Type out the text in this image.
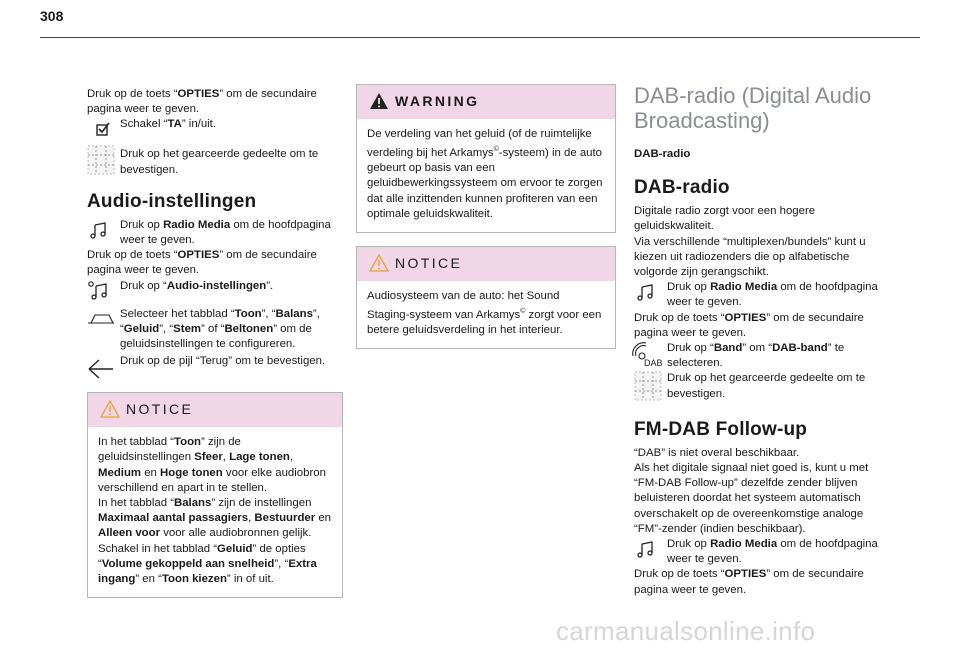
308

Druk op de toets “OPTIES” om de secundaire pagina weer te geven.

Schakel “TA” in/uit.

Druk op het gearceerde gedeelte om te bevestigen.

Audio-instellingen

Druk op Radio Media om de hoofdpagina weer te geven.

Druk op de toets “OPTIES” om de secundaire pagina weer te geven.

Druk op “Audio-instellingen”.

Selecteer het tabblad “Toon”, “Balans”, “Geluid”, “Stem” of “Beltonen” om de geluidsinstellingen te configureren.

Druk op de pijl “Terug” om te bevestigen.

NOTICE

In het tabblad “Toon” zijn de geluidsinstellingen Sfeer, Lage tonen, Medium en Hoge tonen voor elke audiobron verschillend en apart in te stellen.

In het tabblad “Balans” zijn de instellingen Maximaal aantal passagiers, Bestuurder en Alleen voor voor alle audiobronnen gelijk.

Schakel in het tabblad “Geluid” de opties “Volume gekoppeld aan snelheid”, “Extra ingang” en “Toon kiezen” in of uit.

WARNING

De verdeling van het geluid (of de ruimtelijke verdeling bij het Arkamys©-systeem) in de auto gebeurt op basis van een geluidbewerkingssysteem om ervoor te zorgen dat alle inzittenden kunnen profiteren van een optimale geluidskwaliteit.

NOTICE

Audiosysteem van de auto: het Sound Staging-systeem van Arkamys© zorgt voor een betere geluidsverdeling in het interieur.

DAB-radio (Digital Audio Broadcasting)

DAB-radio

DAB-radio

Digitale radio zorgt voor een hogere geluidskwaliteit.

Via verschillende “multiplexen/bundels” kunt u kiezen uit radiozenders die op alfabetische volgorde zijn gerangschikt.

Druk op Radio Media om de hoofdpagina weer te geven.

Druk op de toets “OPTIES” om de secundaire pagina weer te geven.

DAB

Druk op “Band” om “DAB-band” te selecteren.

Druk op het gearceerde gedeelte om te bevestigen.

FM-DAB Follow-up

“DAB” is niet overal beschikbaar.

Als het digitale signaal niet goed is, kunt u met “FM-DAB Follow-up” dezelfde zender blijven beluisteren doordat het systeem automatisch overschakelt op de overeenkomstige analoge “FM”-zender (indien beschikbaar).

Druk op Radio Media om de hoofdpagina weer te geven.

Druk op de toets “OPTIES” om de secundaire pagina weer te geven.

carmanualsonline.info
